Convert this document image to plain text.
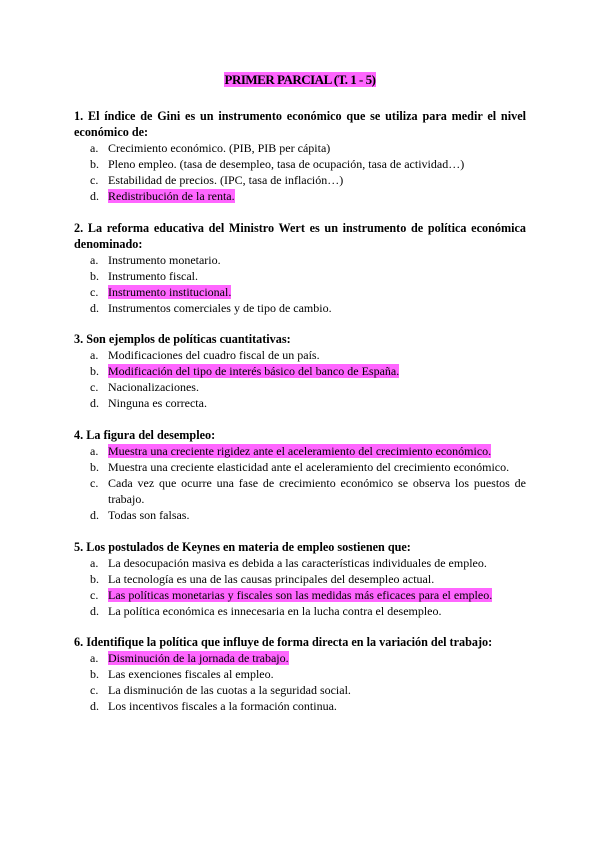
PRIMER PARCIAL (T. 1 - 5)

1. El índice de Gini es un instrumento económico que se utiliza para medir el nivel económico de:

a. Crecimiento económico. (PIB, PIB per cápita)
b. Pleno empleo. (tasa de desempleo, tasa de ocupación, tasa de actividad…)
c. Estabilidad de precios. (IPC, tasa de inflación…)
d. Redistribución de la renta.

2. La reforma educativa del Ministro Wert es un instrumento de política económica denominado:

a. Instrumento monetario.
b. Instrumento fiscal.
c. Instrumento institucional.
d. Instrumentos comerciales y de tipo de cambio.

3. Son ejemplos de políticas cuantitativas:

a. Modificaciones del cuadro fiscal de un país.
b. Modificación del tipo de interés básico del banco de España.
c. Nacionalizaciones.
d. Ninguna es correcta.

4. La figura del desempleo:

a. Muestra una creciente rigidez ante el aceleramiento del crecimiento económico.
b. Muestra una creciente elasticidad ante el aceleramiento del crecimiento económico.
c. Cada vez que ocurre una fase de crecimiento económico se observa los puestos de trabajo.
d. Todas son falsas.

5. Los postulados de Keynes en materia de empleo sostienen que:

a. La desocupación masiva es debida a las características individuales de empleo.
b. La tecnología es una de las causas principales del desempleo actual.
c. Las políticas monetarias y fiscales son las medidas más eficaces para el empleo.
d. La política económica es innecesaria en la lucha contra el desempleo.

6. Identifique la política que influye de forma directa en la variación del trabajo:

a. Disminución de la jornada de trabajo.
b. Las exenciones fiscales al empleo.
c. La disminución de las cuotas a la seguridad social.
d. Los incentivos fiscales a la formación continua.
